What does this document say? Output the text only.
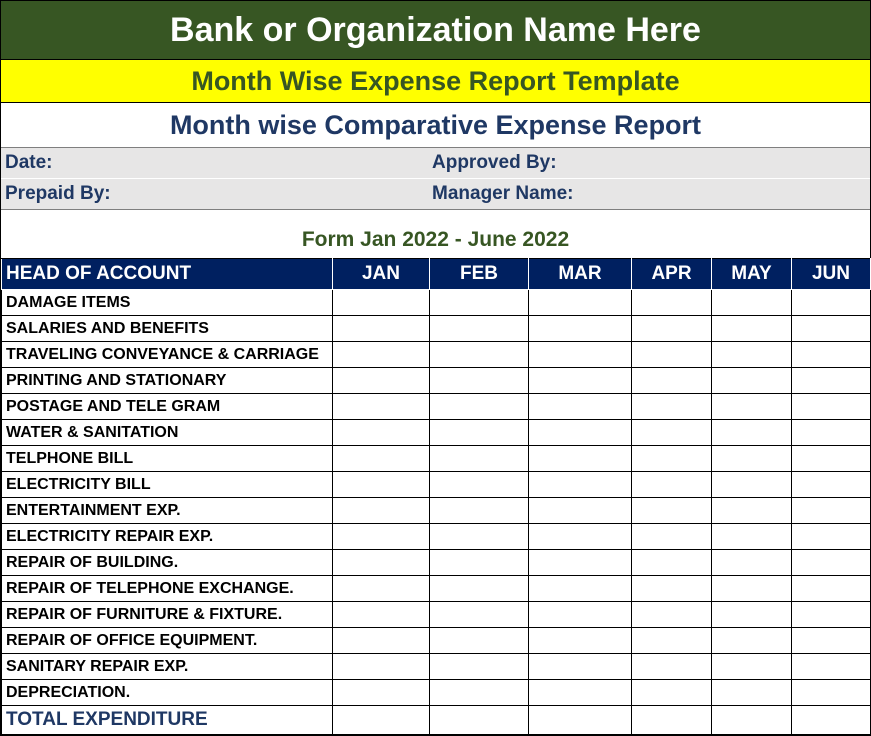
Bank or Organization Name Here
Month Wise Expense Report Template
Month wise Comparative Expense Report
Date:	Approved By:
Prepaid By:	Manager Name:
Form Jan 2022 - June 2022
HEAD OF ACCOUNT	JAN	FEB	MAR	APR	MAY	JUN
DAMAGE ITEMS						
SALARIES AND BENEFITS						
TRAVELING CONVEYANCE & CARRIAGE						
PRINTING AND STATIONARY						
POSTAGE AND TELE GRAM						
WATER & SANITATION						
TELPHONE BILL						
ELECTRICITY BILL						
ENTERTAINMENT EXP.						
ELECTRICITY REPAIR EXP.						
REPAIR OF BUILDING.						
REPAIR OF TELEPHONE EXCHANGE.						
REPAIR OF FURNITURE & FIXTURE.						
REPAIR OF OFFICE EQUIPMENT.						
SANITARY REPAIR EXP.						
DEPRECIATION.						
TOTAL EXPENDITURE						
